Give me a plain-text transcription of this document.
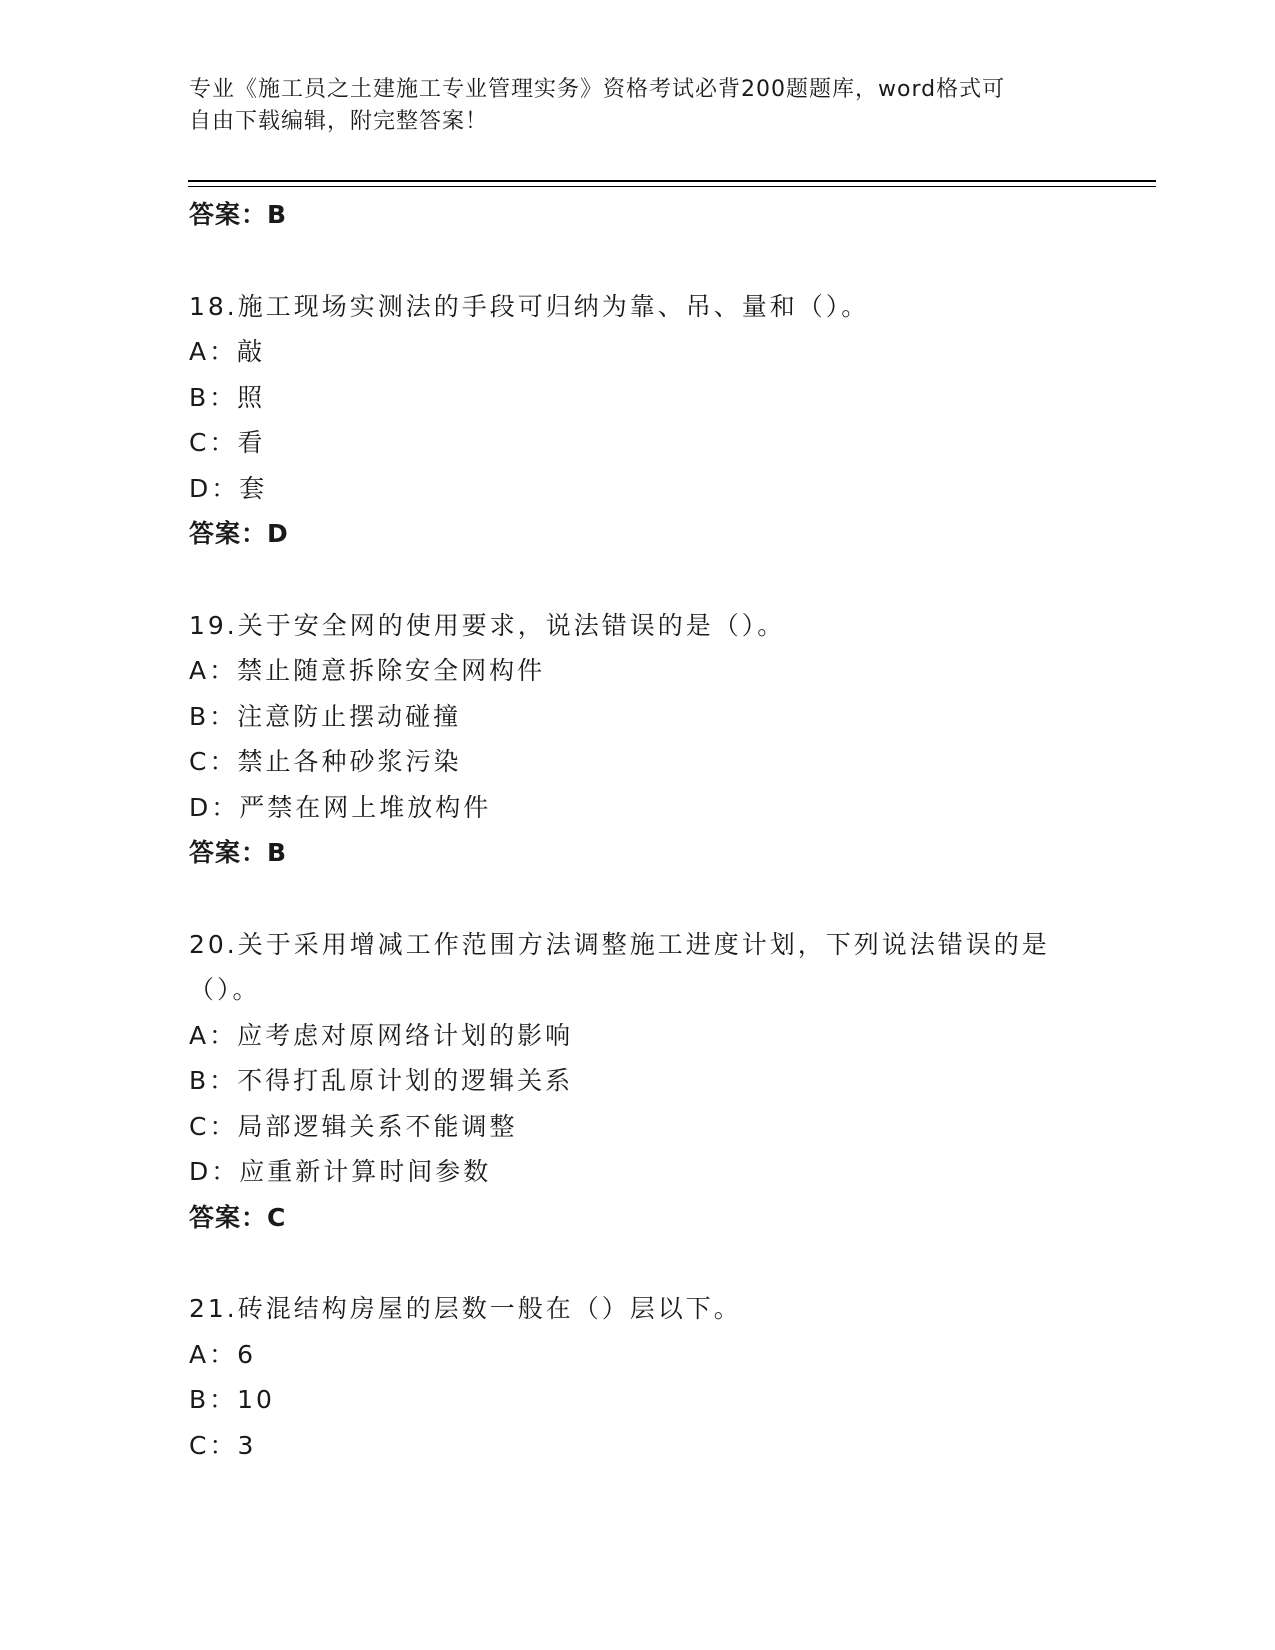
专业《施工员之土建施工专业管理实务》资格考试必背200题题库，word格式可
自由下载编辑，附完整答案！
答案：B
18.施工现场实测法的手段可归纳为靠、吊、量和（）。
A：敲
B：照
C：看
D：套
答案：D
19.关于安全网的使用要求，说法错误的是（）。
A：禁止随意拆除安全网构件
B：注意防止摆动碰撞
C：禁止各种砂浆污染
D：严禁在网上堆放构件
答案：B
20.关于采用增减工作范围方法调整施工进度计划，下列说法错误的是
（）。
A：应考虑对原网络计划的影响
B：不得打乱原计划的逻辑关系
C：局部逻辑关系不能调整
D：应重新计算时间参数
答案：C
21.砖混结构房屋的层数一般在（）层以下。
A：6
B：10
C：3
